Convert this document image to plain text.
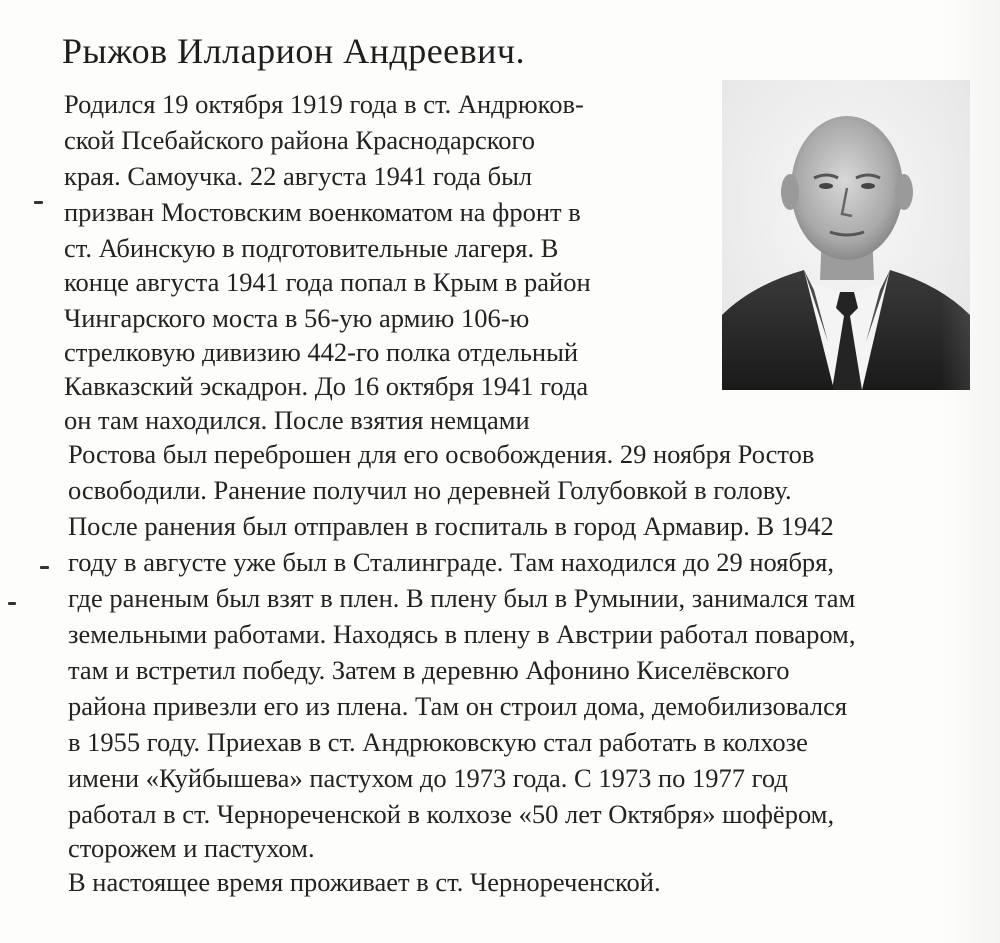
Рыжов Илларион Андреевич.

Родился 19 октября 1919 года в ст. Андрюков-

ской Псебайского района Краснодарского

края. Самоучка. 22 августа 1941 года был

призван Мостовским военкоматом на фронт в

ст. Абинскую в подготовительные лагеря. В

конце августа 1941 года попал в Крым в район

Чингарского моста в 56-ую армию 106-ю

стрелковую дивизию 442-го полка отдельный

Кавказский эскадрон. До 16 октября 1941 года

он там находился. После взятия немцами

Ростова был переброшен для его освобождения. 29 ноября Ростов

освободили. Ранение получил но деревней Голубовкой в голову.

После ранения был отправлен в госпиталь в город Армавир. В 1942

году в августе уже был в Сталинграде. Там находился до 29 ноября,

где раненым был взят в плен. В плену был в Румынии, занимался там

земельными работами. Находясь в плену в Австрии работал поваром,

там и встретил победу. Затем в деревню Афонино Киселёвского

района привезли его из плена. Там он строил дома, демобилизовался

в 1955 году. Приехав в ст. Андрюковскую стал работать в колхозе

имени «Куйбышева» пастухом до 1973 года. С 1973 по 1977 год

работал в ст. Чернореченской в колхозе «50 лет Октября» шофёром,

сторожем и пастухом.

В настоящее время проживает в ст. Чернореченской.
